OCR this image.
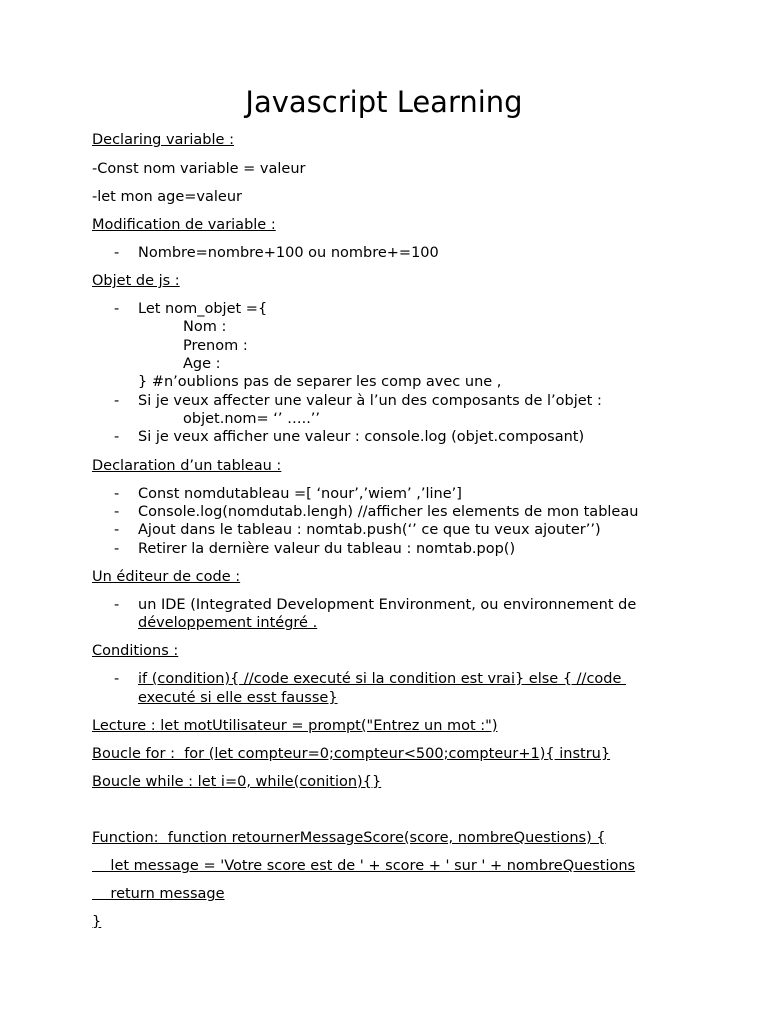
Javascript Learning
Declaring variable :
-Const nom variable = valeur
-let mon age=valeur
Modification de variable :
- Nombre=nombre+100 ou nombre+=100
Objet de js :
- Let nom_objet ={
Nom :
Prenom :
Age :
} #n’oublions pas de separer les comp avec une ,
- Si je veux affecter une valeur à l’un des composants de l’objet :
objet.nom= ‘’ …..’’
- Si je veux afficher une valeur : console.log (objet.composant)
Declaration d’un tableau :
- Const nomdutableau =[ ‘nour’,’wiem’ ,’line’]
- Console.log(nomdutab.lengh) //afficher les elements de mon tableau
- Ajout dans le tableau : nomtab.push(‘’ ce que tu veux ajouter’’)
- Retirer la dernière valeur du tableau : nomtab.pop()
Un éditeur de code :
- un IDE (Integrated Development Environment, ou environnement de
développement intégré .
Conditions :
- if (condition){ //code executé si la condition est vrai} else { //code
executé si elle esst fausse}
Lecture : let motUtilisateur = prompt("Entrez un mot :")
Boucle for :  for (let compteur=0;compteur<500;compteur+1){ instru}
Boucle while : let i=0, while(conition){}
Function:  function retournerMessageScore(score, nombreQuestions) {
let message = 'Votre score est de ' + score + ' sur ' + nombreQuestions
return message
}
